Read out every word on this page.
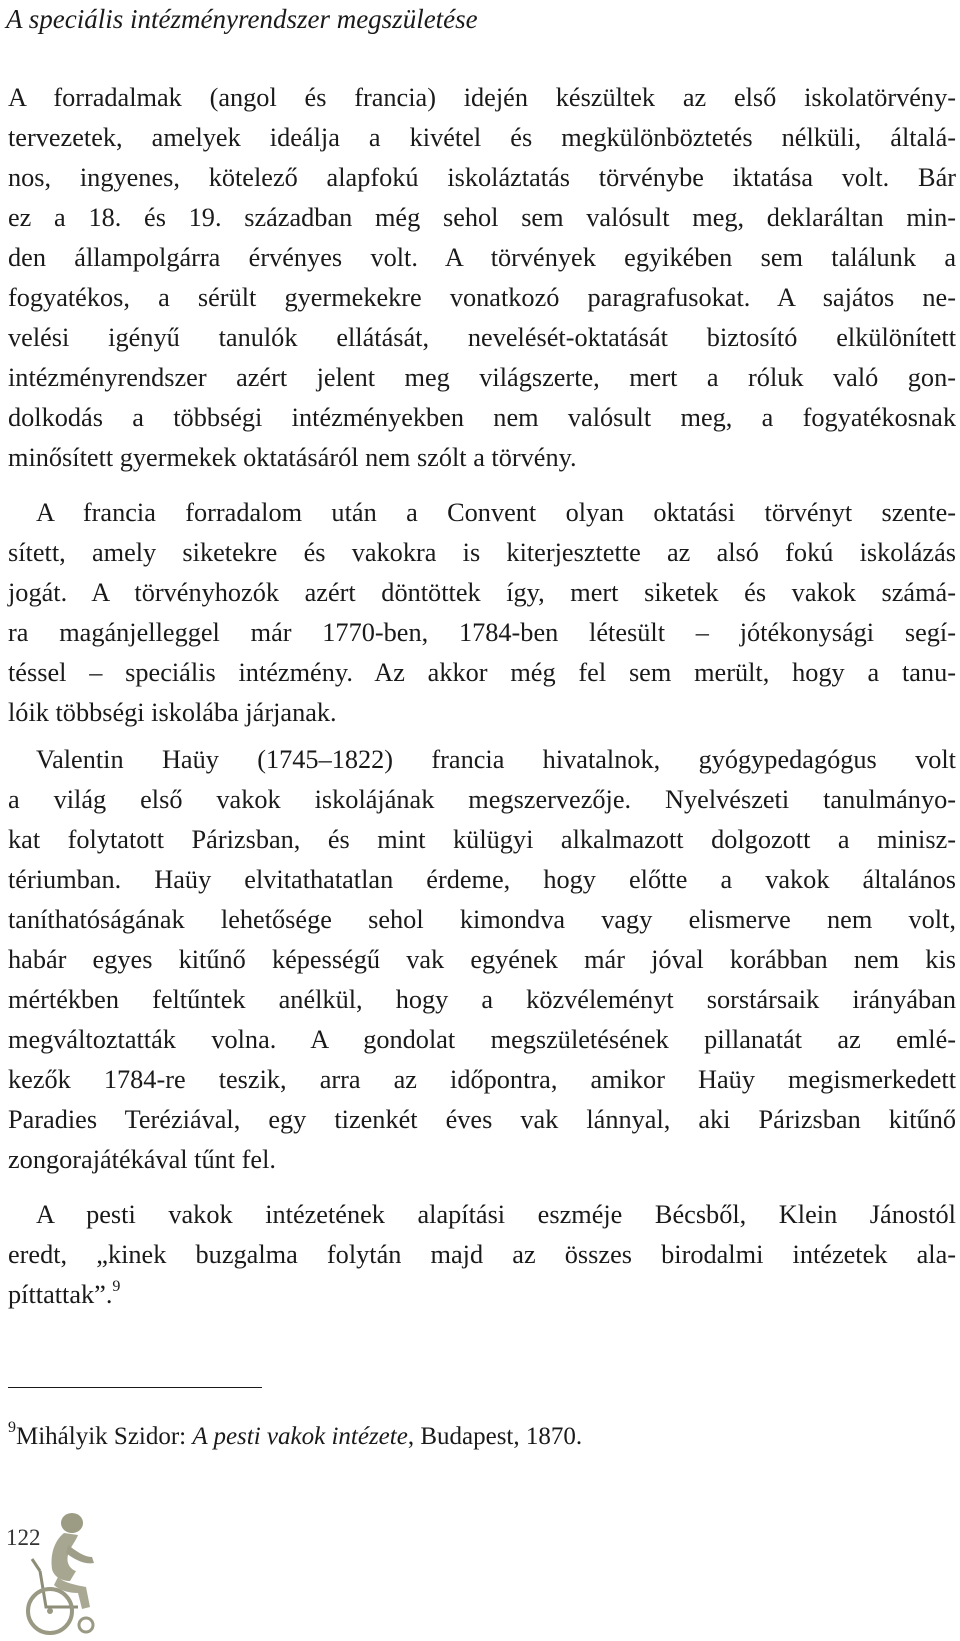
A speciális intézményrendszer megszületése

A forradalmak (angol és francia) idején készültek az első iskolatörvény-

tervezetek, amelyek ideálja a kivétel és megkülönböztetés nélküli, általá-

nos, ingyenes, kötelező alapfokú iskoláztatás törvénybe iktatása volt. Bár

ez a 18. és 19. században még sehol sem valósult meg, deklaráltan min-

den állampolgárra érvényes volt. A törvények egyikében sem találunk a

fogyatékos, a sérült gyermekekre vonatkozó paragrafusokat. A sajátos ne-

velési igényű tanulók ellátását, nevelését-oktatását biztosító elkülönített

intézményrendszer azért jelent meg világszerte, mert a róluk való gon-

dolkodás a többségi intézményekben nem valósult meg, a fogyatékosnak

minősített gyermekek oktatásáról nem szólt a törvény.

A francia forradalom után a Convent olyan oktatási törvényt szente-

sített, amely siketekre és vakokra is kiterjesztette az alsó fokú iskolázás

jogát. A törvényhozók azért döntöttek így, mert siketek és vakok számá-

ra magánjelleggel már 1770-ben, 1784-ben létesült – jótékonysági segí-

téssel – speciális intézmény. Az akkor még fel sem merült, hogy a tanu-

lóik többségi iskolába járjanak.

Valentin Haüy (1745–1822) francia hivatalnok, gyógypedagógus volt

a világ első vakok iskolájának megszervezője. Nyelvészeti tanulmányo-

kat folytatott Párizsban, és mint külügyi alkalmazott dolgozott a minisz-

tériumban. Haüy elvitathatatlan érdeme, hogy előtte a vakok általános

taníthatóságának lehetősége sehol kimondva vagy elismerve nem volt,

habár egyes kitűnő képességű vak egyének már jóval korábban nem kis

mértékben feltűntek anélkül, hogy a közvéleményt sorstársaik irányában

megváltoztatták volna. A gondolat megszületésének pillanatát az emlé-

kezők 1784-re teszik, arra az időpontra, amikor Haüy megismerkedett

Paradies Teréziával, egy tizenkét éves vak lánnyal, aki Párizsban kitűnő

zongorajátékával tűnt fel.

A pesti vakok intézetének alapítási eszméje Bécsből, Klein Jánostól

eredt, „kinek buzgalma folytán majd az összes birodalmi intézetek ala-

píttattak”.$^9$

$^9$Mihályik Szidor: A pesti vakok intézete, Budapest, 1870.
122
